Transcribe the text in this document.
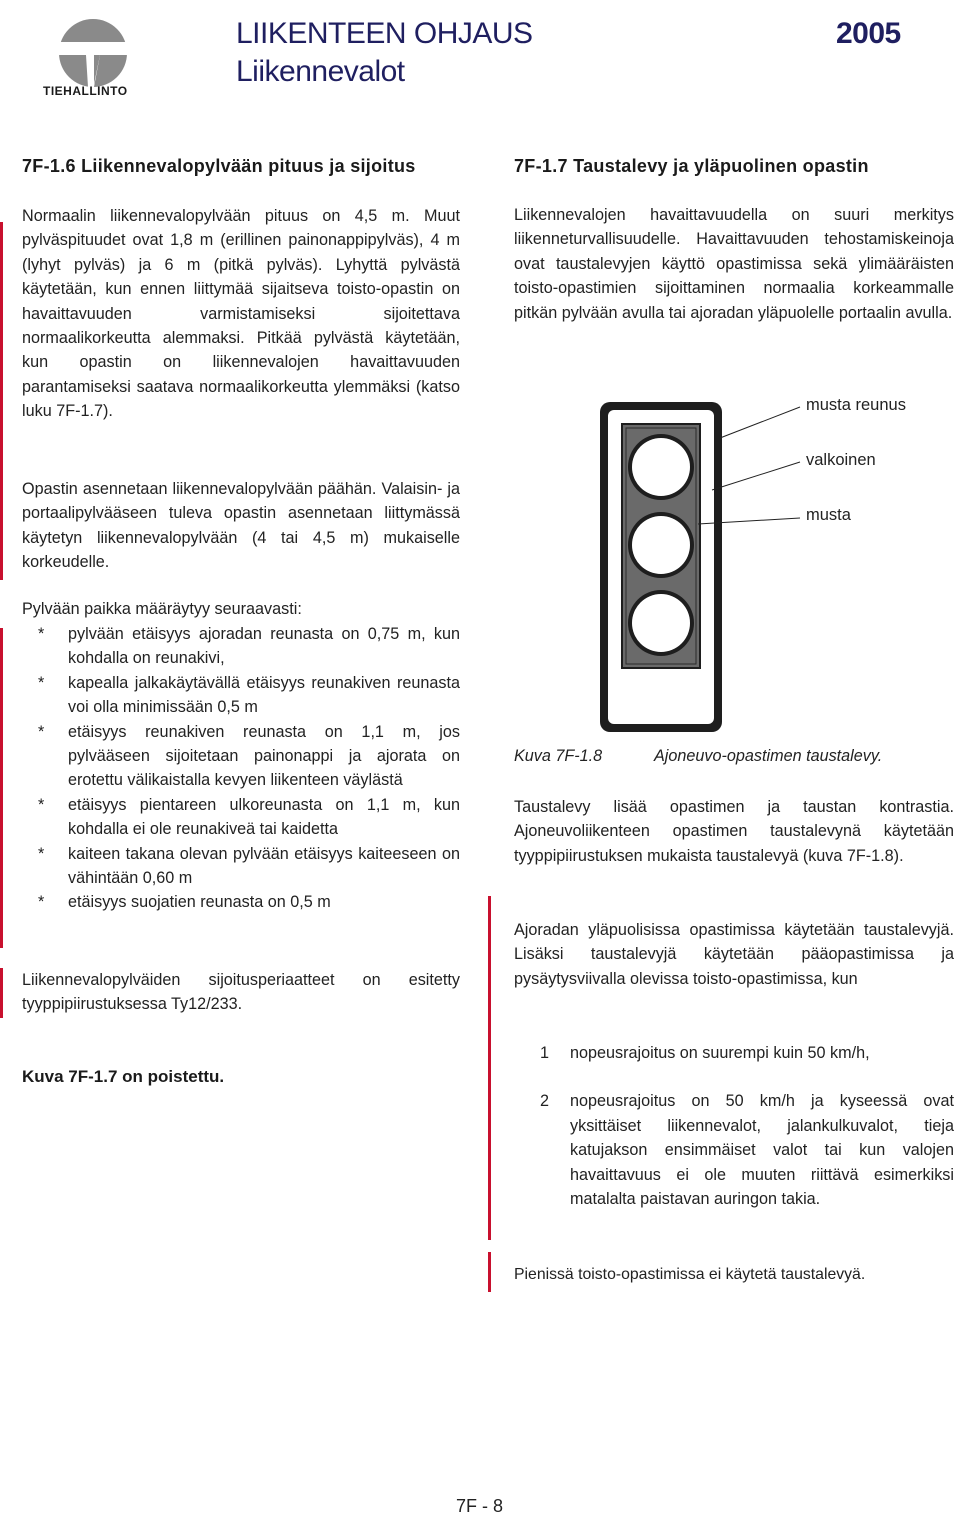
TIEHALLINTO
LIIKENTEEN OHJAUS
Liikennevalot
2005
7F-1.6 Liikennevalopylvään pituus ja sijoitus
Normaalin liikennevalopylvään pituus on 4,5 m. Muut pylväspituudet ovat 1,8 m (erillinen painonappipylväs), 4 m (lyhyt pylväs) ja 6 m (pitkä pylväs). Lyhyttä pylvästä käytetään, kun ennen liittymää sijaitseva toisto-opastin on havaittavuuden varmistamiseksi sijoitettava normaalikorkeutta alemmaksi. Pitkää pylvästä käytetään, kun opastin on liikennevalojen havaittavuuden parantamiseksi saatava normaalikorkeutta ylemmäksi (katso luku 7F-1.7).
Opastin asennetaan liikennevalopylvään päähän. Valaisin- ja portaalipylvääseen tuleva opastin asennetaan liittymässä käytetyn liikennevalopylvään (4 tai 4,5 m) mukaiselle korkeudelle.
Pylvään paikka määräytyy seuraavasti:
*	pylvään etäisyys ajoradan reunasta on 0,75 m, kun kohdalla on reunakivi,
*	kapealla jalkakäytävällä etäisyys reunakiven reunasta voi olla minimissään 0,5 m
*	etäisyys reunakiven reunasta on 1,1 m, jos pylvääseen sijoitetaan painonappi ja ajorata on erotettu välikaistalla kevyen liikenteen väylästä
*	etäisyys pientareen ulkoreunasta on 1,1 m, kun kohdalla ei ole reunakiveä tai kaidetta
*	kaiteen takana olevan pylvään etäisyys kaiteeseen on vähintään 0,60 m
*	etäisyys suojatien reunasta on 0,5 m
Liikennevalopylväiden sijoitusperiaatteet on esitetty tyyppipiirustuksessa Ty12/233.
Kuva 7F-1.7 on poistettu.
7F-1.7 Taustalevy ja yläpuolinen opastin
Liikennevalojen havaittavuudella on suuri merkitys liikenneturvallisuudelle. Havaittavuuden tehostamiskeinoja ovat taustalevyjen käyttö opastimissa sekä ylimääräisten toisto-opastimien sijoittaminen normaalia korkeammalle pitkän pylvään avulla tai ajoradan yläpuolelle portaalin avulla.
musta reunus
valkoinen
musta
Kuva 7F-1.8	Ajoneuvo-opastimen taustalevy.
Taustalevy lisää opastimen ja taustan kontrastia. Ajoneuvoliikenteen opastimen taustalevynä käytetään tyyppipiirustuksen mukaista taustalevyä (kuva 7F-1.8).
Ajoradan yläpuolisissa opastimissa käytetään taustalevyjä. Lisäksi taustalevyjä käytetään pääopastimissa ja pysäytysviivalla olevissa toisto-opastimissa, kun
1	nopeusrajoitus on suurempi kuin 50 km/h,
2	nopeusrajoitus on 50 km/h ja kyseessä ovat yksittäiset liikennevalot, jalankulkuvalot, tieja katujakson ensimmäiset valot tai kun valojen havaittavuus ei ole muuten riittävä esimerkiksi matalalta paistavan auringon takia.
Pienissä toisto-opastimissa ei käytetä taustalevyä.
7F - 8
